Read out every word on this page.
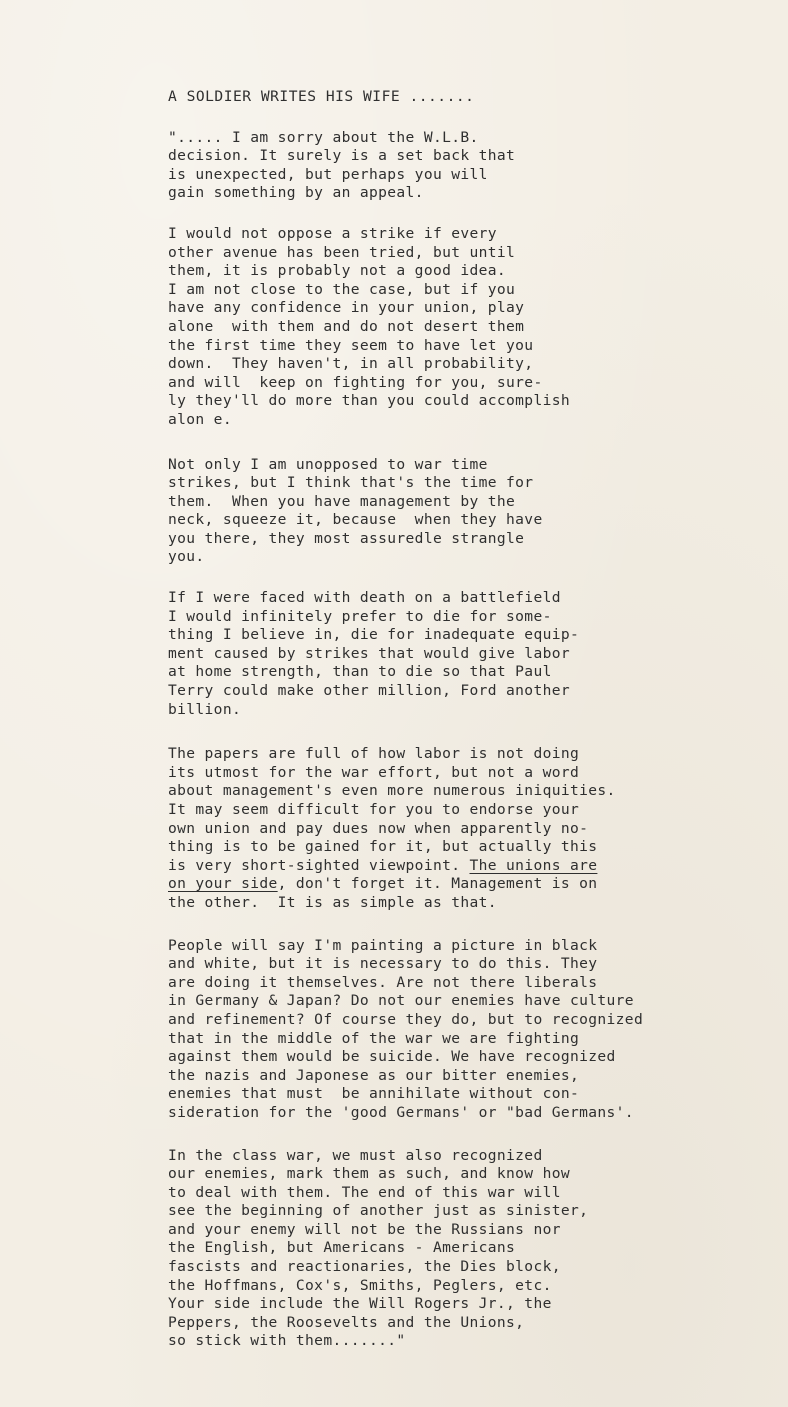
A SOLDIER WRITES HIS WIFE .......
"..... I am sorry about the W.L.B.
decision. It surely is a set back that
is unexpected, but perhaps you will
gain something by an appeal.
I would not oppose a strike if every
other avenue has been tried, but until
them, it is probably not a good idea.
I am not close to the case, but if you
have any confidence in your union, play
alone  with them and do not desert them
the first time they seem to have let you
down.  They haven't, in all probability,
and will  keep on fighting for you, sure-
ly they'll do more than you could accomplish
alon e.
Not only I am unopposed to war time
strikes, but I think that's the time for
them.  When you have management by the
neck, squeeze it, because  when they have
you there, they most assuredle strangle
you.
If I were faced with death on a battlefield
I would infinitely prefer to die for some-
thing I believe in, die for inadequate equip-
ment caused by strikes that would give labor
at home strength, than to die so that Paul
Terry could make other million, Ford another
billion.
The papers are full of how labor is not doing
its utmost for the war effort, but not a word
about management's even more numerous iniquities.
It may seem difficult for you to endorse your
own union and pay dues now when apparently no-
thing is to be gained for it, but actually this
is very short-sighted viewpoint. The unions are
on your side, don't forget it. Management is on
the other.  It is as simple as that.
People will say I'm painting a picture in black
and white, but it is necessary to do this. They
are doing it themselves. Are not there liberals
in Germany & Japan? Do not our enemies have culture
and refinement? Of course they do, but to recognized
that in the middle of the war we are fighting
against them would be suicide. We have recognized
the nazis and Japonese as our bitter enemies,
enemies that must  be annihilate without con-
sideration for the 'good Germans' or "bad Germans'.
In the class war, we must also recognized
our enemies, mark them as such, and know how
to deal with them. The end of this war will
see the beginning of another just as sinister,
and your enemy will not be the Russians nor
the English, but Americans - Americans
fascists and reactionaries, the Dies block,
the Hoffmans, Cox's, Smiths, Peglers, etc.
Your side include the Will Rogers Jr., the
Peppers, the Roosevelts and the Unions,
so stick with them......."
